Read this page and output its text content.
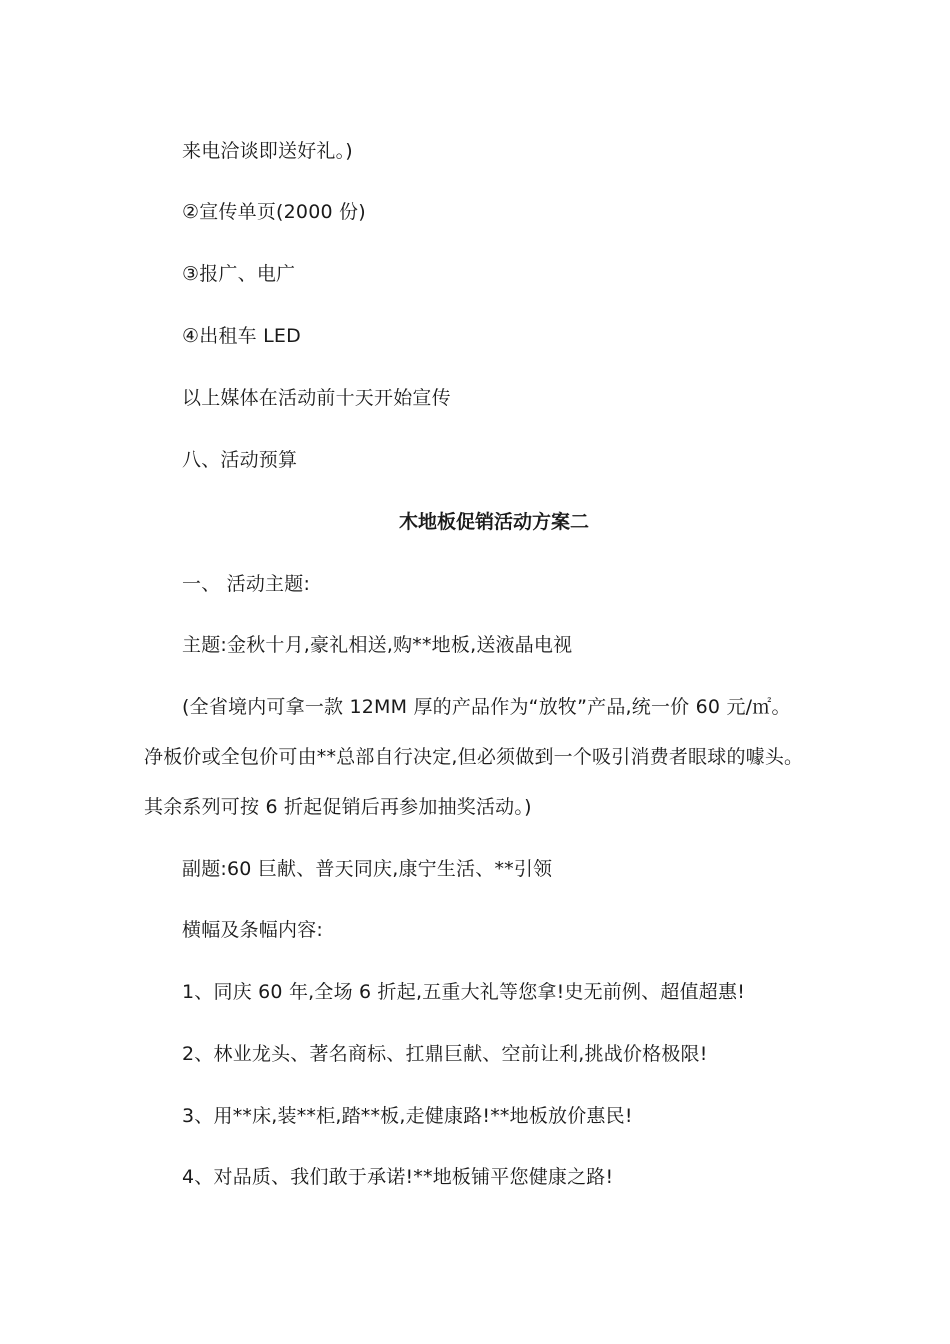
来电洽谈即送好礼。)
②宣传单页(2000 份)
③报广、电广
④出租车 LED
以上媒体在活动前十天开始宣传
八、活动预算
木地板促销活动方案二
一、 活动主题:
主题:金秋十月,豪礼相送,购**地板,送液晶电视
(全省境内可拿一款 12MM 厚的产品作为“放牧”产品,统一价 60 元/㎡。
净板价或全包价可由**总部自行决定,但必须做到一个吸引消费者眼球的噱头。
其余系列可按 6 折起促销后再参加抽奖活动。)
副题:60 巨献、普天同庆,康宁生活、**引领
横幅及条幅内容:
1、同庆 60 年,全场 6 折起,五重大礼等您拿!史无前例、超值超惠!
2、林业龙头、著名商标、扛鼎巨献、空前让利,挑战价格极限!
3、用**床,装**柜,踏**板,走健康路!**地板放价惠民!
4、对品质、我们敢于承诺!**地板铺平您健康之路!
